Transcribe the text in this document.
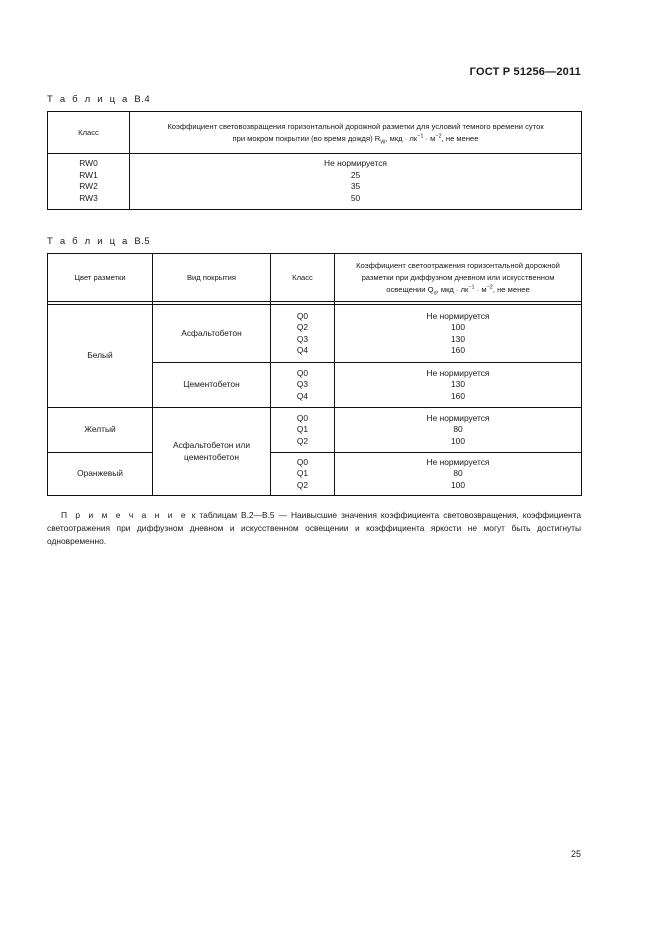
ГОСТ Р 51256—2011
Т а б л и ц а В.4
Класс
Коэффициент световозвращения горизонтальной дорожной разметки для условий темного времени суток
при мокром покрытии (во время дождя) $R_W$, мкд · $лк^{-1} \cdot м^{-2}$, не менее
RW0
RW1
RW2
RW3
Не нормируется
25
35
50
Т а б л и ц а В.5
Цвет разметки	Вид покрытия	Класс
Коэффициент светоотражения горизонтальной дорожной
разметки при диффузном дневном или искусственном
освещении $Q_d$, мкд · $лк^{-1} \cdot м^{-2}$, не менее
Белый
Желтый
Оранжевый
Асфальтобетон
Цементобетон
Асфальтобетон или
цементобетон
Q0
Q2
Q3
Q4
Не нормируется
100
130
160
Q0
Q3
Q4
Не нормируется
130
160
Q0
Q1
Q2
Не нормируется
80
100
Q0
Q1
Q2
Не нормируется
80
100
П р и м е ч а н и е к таблицам В.2—В.5 — Наивысшие значения коэффициента световозвращения, коэффициента светоотражения при диффузном дневном и искусственном освещении и коэффициента яркости не могут быть достигнуты одновременно.
25
